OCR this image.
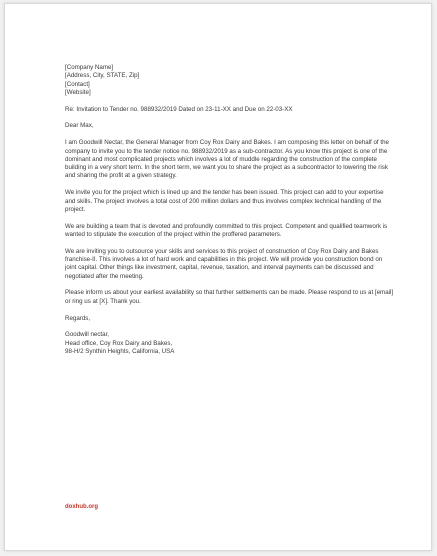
[Company Name]
[Address, City, STATE, Zip]
[Contact]
[Website]
Re: Invitation to Tender no. 988932/2019 Dated on 23-11-XX and Due on 22-03-XX
Dear Max,
I am Goodwill Nectar, the General Manager from Coy Rox Dairy and Bakes. I am composing this letter on behalf of the company to invite you to the tender notice no. 988932/2019 as a sub-contractor. As you know this project is one of the dominant and most complicated projects which involves a lot of muddle regarding the construction of the complete building in a very short term. In the short term, we want you to share the project as a subcontractor to lowering the risk and sharing the profit at a given strategy.
We invite you for the project which is lined up and the tender has been issued. This project can add to your expertise and skills. The project involves a total cost of 200 million dollars and thus involves complex technical handling of the project.
We are building a team that is devoted and profoundly committed to this project. Competent and qualified teamwork is wanted to stipulate the execution of the project within the proffered parameters.
We are inviting you to outsource your skills and services to this project of construction of Coy Rox Dairy and Bakes franchise-II. This involves a lot of hard work and capabilities in this project. We will provide you construction bond on joint capital. Other things like investment, capital, revenue, taxation, and interval payments can be discussed and negotiated after the meeting.
Please inform us about your earliest availability so that further settlements can be made. Please respond to us at [email] or ring us at [X]. Thank you.
Regards,
Goodwill nectar,
Head office, Coy Rox Dairy and Bakes,
98-H/2 Synthin Heights, California, USA
doxhub.org
